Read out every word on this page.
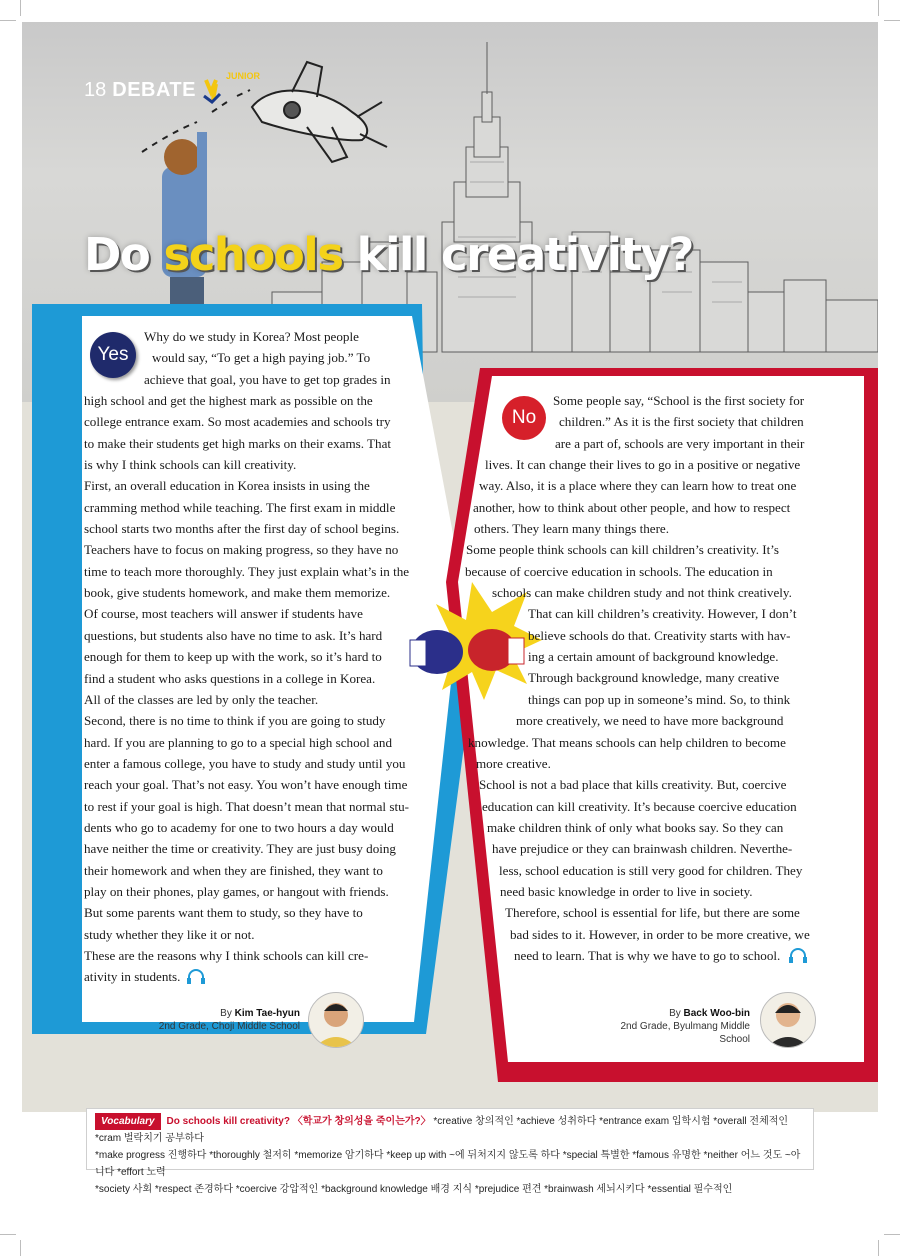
18 DEBATE
JUNIOR
Do schools kill creativity?
Yes
No

Why do we study in Korea? Most people

would say, “To get a high paying job.” To

achieve that goal, you have to get top grades in

high school and get the highest mark as possible on the

college entrance exam. So most academies and schools try

to make their students get high marks on their exams. That

is why I think schools can kill creativity.

First, an overall education in Korea insists in using the

cramming method while teaching. The first exam in middle

school starts two months after the first day of school begins.

Teachers have to focus on making progress, so they have no

time to teach more thoroughly. They just explain what’s in the

book, give students homework, and make them memorize.

Of course, most teachers will answer if students have

questions, but students also have no time to ask. It’s hard

enough for them to keep up with the work, so it’s hard to

find a student who asks questions in a college in Korea.

All of the classes are led by only the teacher.

Second, there is no time to think if you are going to study

hard. If you are planning to go to a special high school and

enter a famous college, you have to study and study until you

reach your goal. That’s not easy. You won’t have enough time

to rest if your goal is high. That doesn’t mean that normal stu-

dents who go to academy for one to two hours a day would

have neither the time or creativity. They are just busy doing

their homework and when they are finished, they want to

play on their phones, play games, or hangout with friends.

But some parents want them to study, so they have to

study whether they like it or not.

These are the reasons why I think schools can kill cre-

ativity in students.

Some people say, “School is the first society for

children.” As it is the first society that children

are a part of, schools are very important in their

lives. It can change their lives to go in a positive or negative

way. Also, it is a place where they can learn how to treat one

another, how to think about other people, and how to respect

others. They learn many things there.

Some people think schools can kill children’s creativity. It’s

because of coercive education in schools. The education in

schools can make children study and not think creatively.

That can kill children’s creativity. However, I don’t

believe schools do that. Creativity starts with hav-

ing a certain amount of background knowledge.

Through background knowledge, many creative

things can pop up in someone’s mind. So, to think

more creatively, we need to have more background

knowledge. That means schools can help children to become

more creative.

School is not a bad place that kills creativity. But, coercive

education can kill creativity. It’s because coercive education

make children think of only what books say. So they can

have prejudice or they can brainwash children. Neverthe-

less, school education is still very good for children. They

need basic knowledge in order to live in society.

Therefore, school is essential for life, but there are some

bad sides to it. However, in order to be more creative, we

need to learn. That is why we have to go to school.

By Kim Tae-hyun
2nd Grade, Choji Middle School
By Back Woo-bin
2nd Grade, Byulmang Middle School
Vocabulary Do schools kill creativity? 〈학교가 창의성을 죽이는가?〉 *creative 창의적인 *achieve 성취하다 *entrance exam 입학시험 *overall 전체적인 *cram 벌락치기 공부하다
*make progress 진행하다 *thoroughly 철저히 *memorize 암기하다 *keep up with ~에 뒤처지지 않도록 하다 *special 특별한 *famous 유명한 *neither 어느 것도 ~아니다 *effort 노력
*society 사회 *respect 존경하다 *coercive 강압적인 *background knowledge 배경 지식 *prejudice 편견 *brainwash 세뇌시키다 *essential 필수적인
